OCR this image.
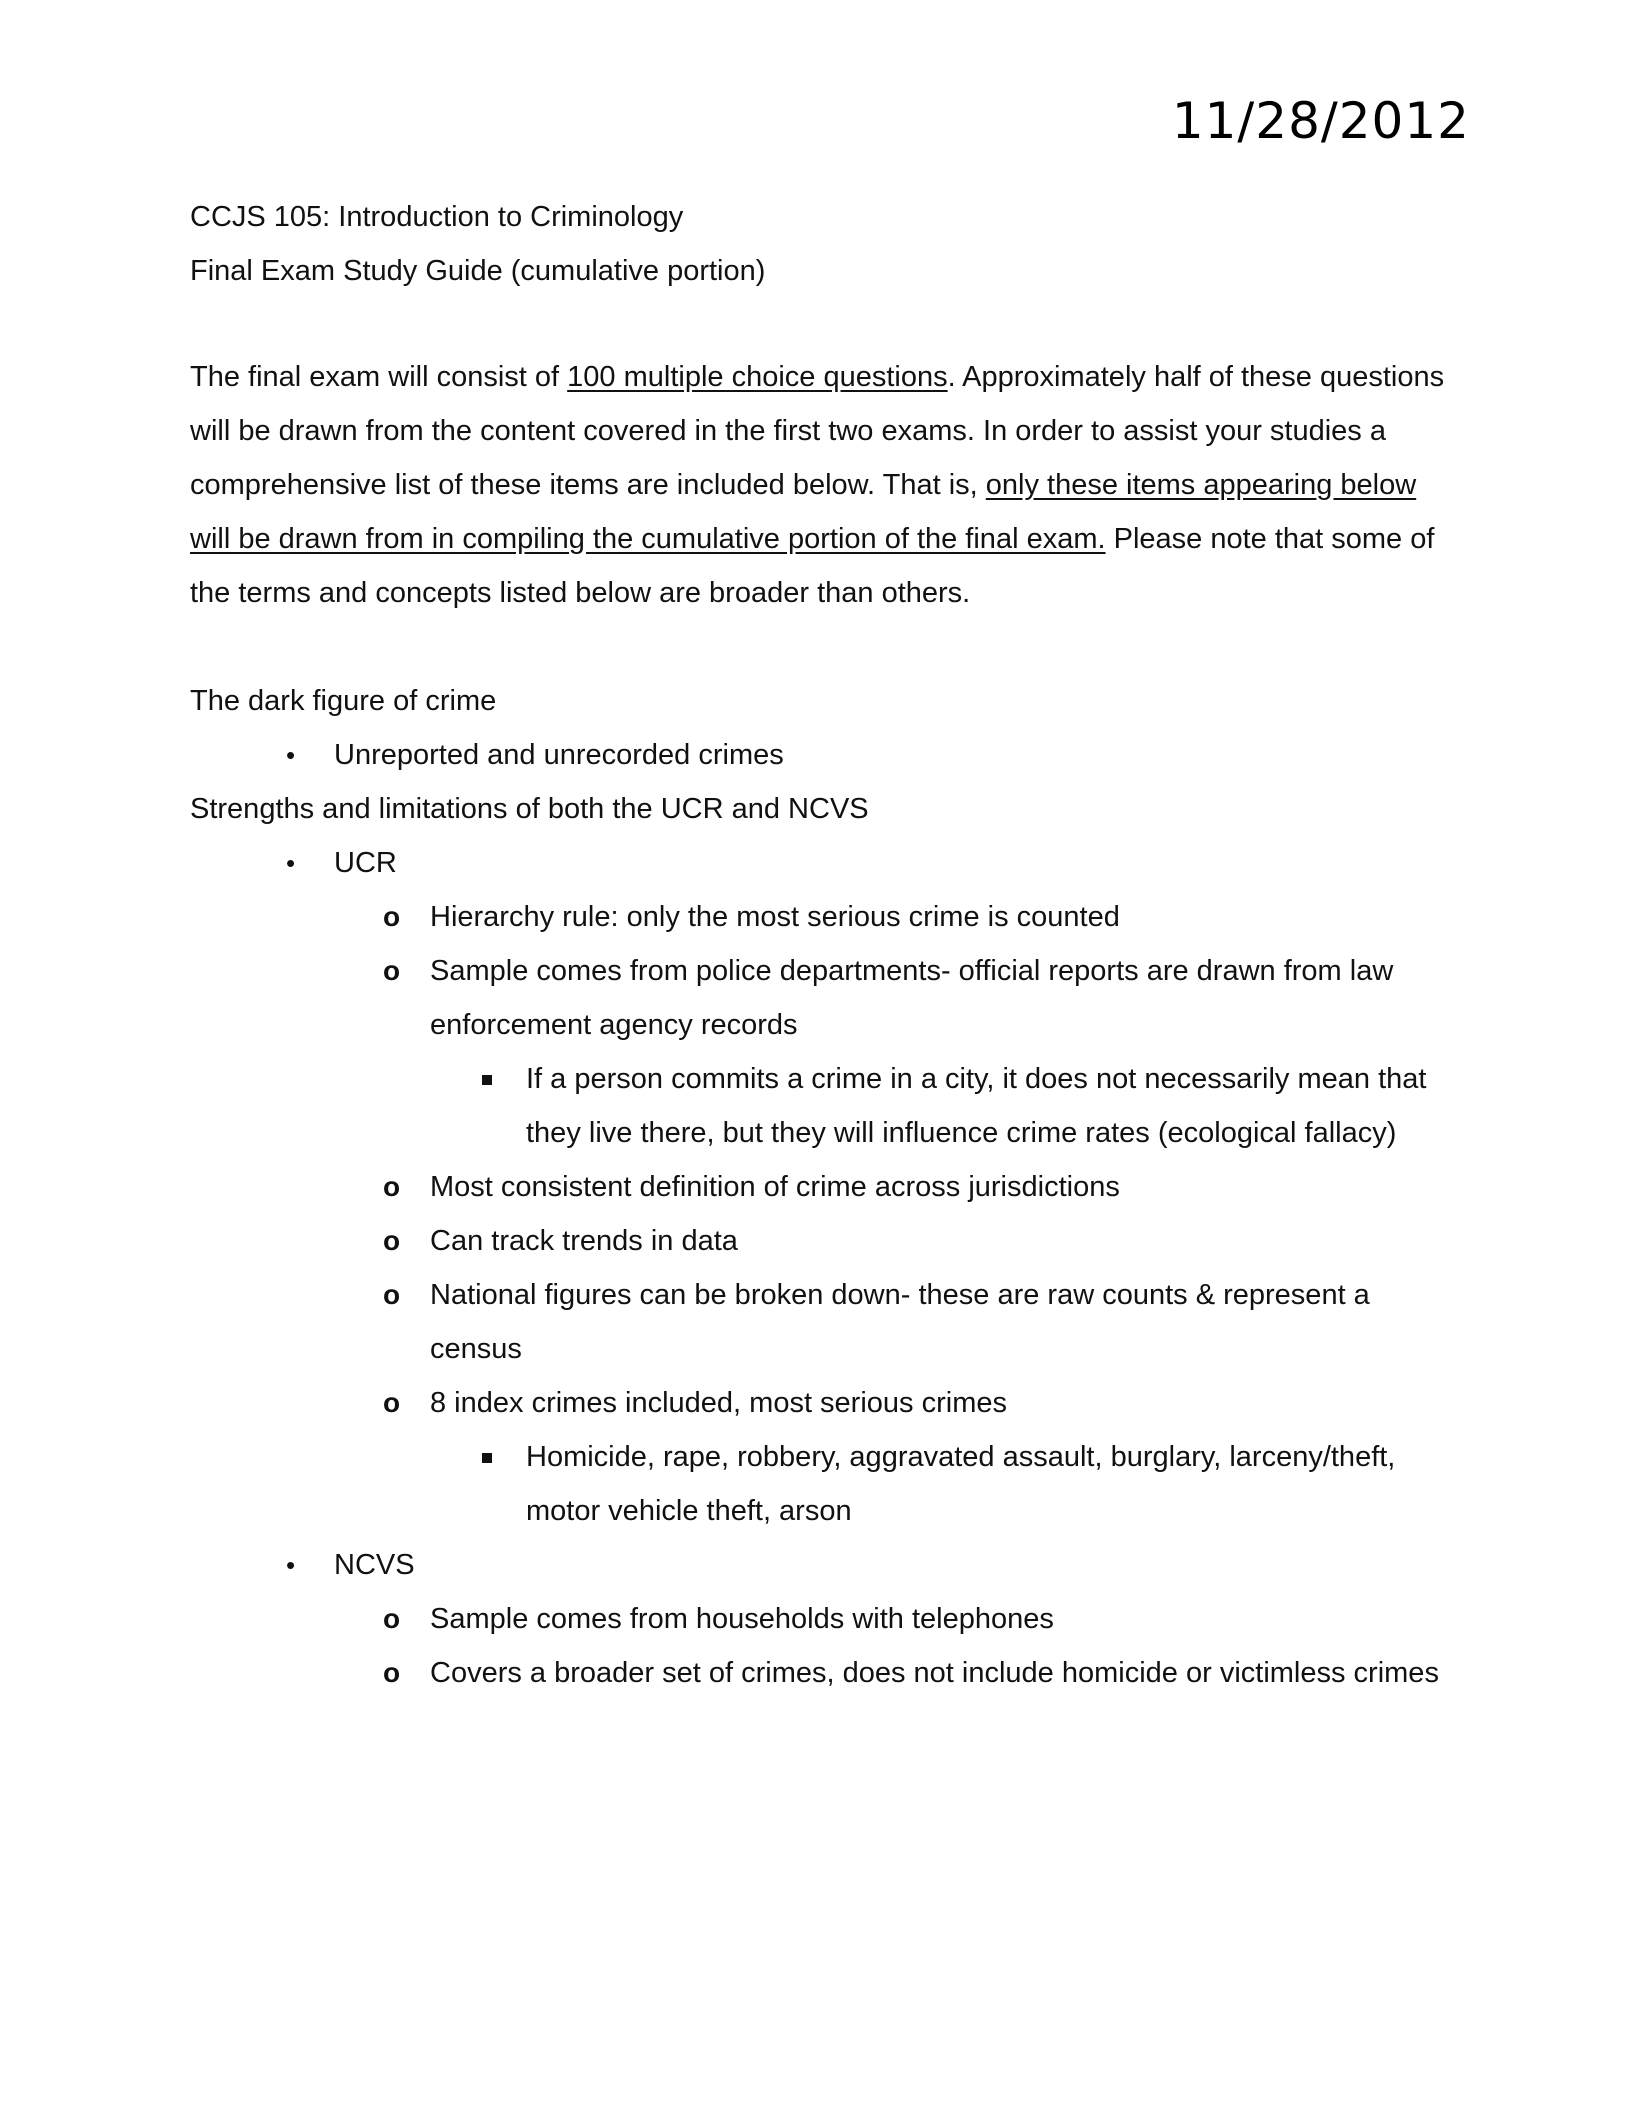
11/28/2012

CCJS 105: Introduction to Criminology

Final Exam Study Guide (cumulative portion)

The final exam will consist of 100 multiple choice questions. Approximately half of these questions will be drawn from the content covered in the first two exams. In order to assist your studies a comprehensive list of these items are included below. That is, only these items appearing below will be drawn from in compiling the cumulative portion of the final exam. Please note that some of the terms and concepts listed below are broader than others.

The dark figure of crime
• Unreported and unrecorded crimes
Strengths and limitations of both the UCR and NCVS
• UCR
o Hierarchy rule: only the most serious crime is counted
o Sample comes from police departments- official reports are drawn from law enforcement agency records
If a person commits a crime in a city, it does not necessarily mean that they live there, but they will influence crime rates (ecological fallacy)
o Most consistent definition of crime across jurisdictions
o Can track trends in data
o National figures can be broken down- these are raw counts & represent a census
o 8 index crimes included, most serious crimes
Homicide, rape, robbery, aggravated assault, burglary, larceny/theft, motor vehicle theft, arson
• NCVS
o Sample comes from households with telephones
o Covers a broader set of crimes, does not include homicide or victimless crimes
